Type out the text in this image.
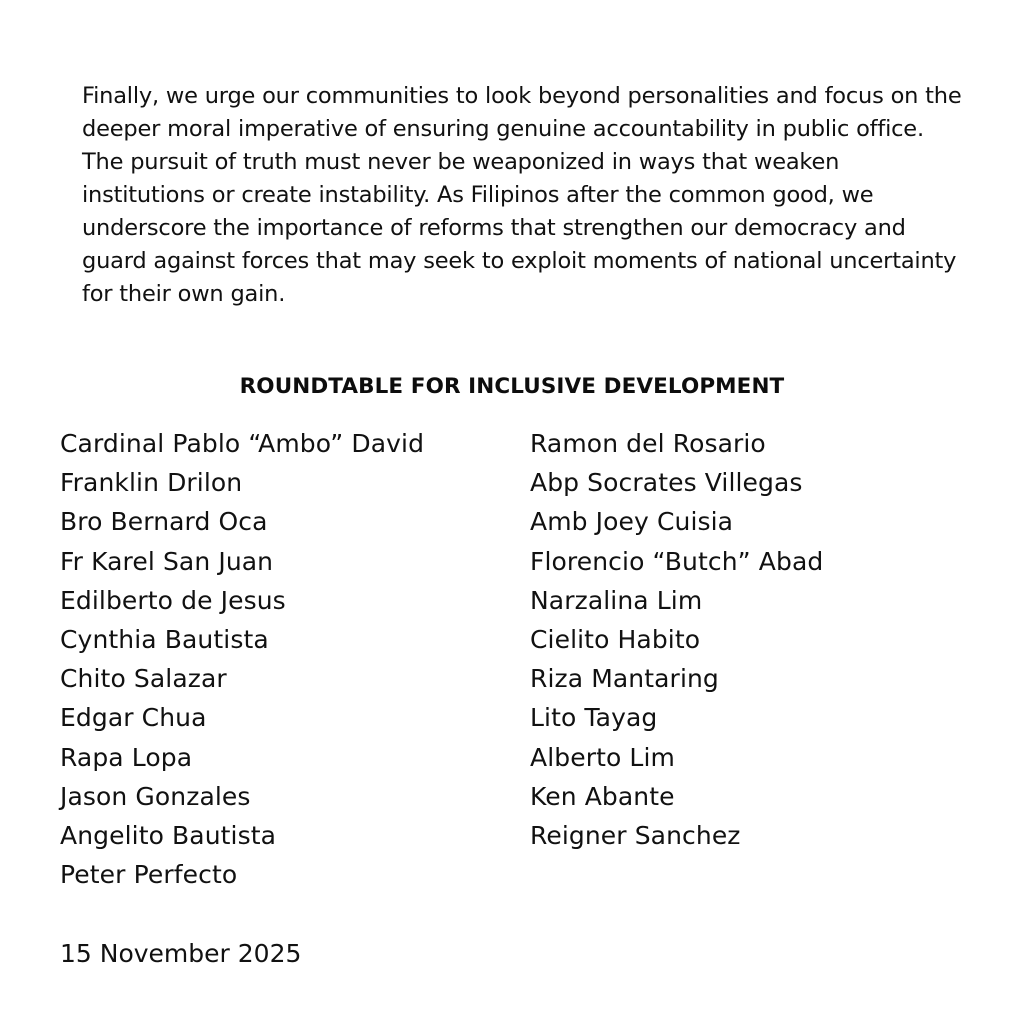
Finally, we urge our communities to look beyond personalities and focus on the deeper moral imperative of ensuring genuine accountability in public office. The pursuit of truth must never be weaponized in ways that weaken institutions or create instability. As Filipinos after the common good, we underscore the importance of reforms that strengthen our democracy and guard against forces that may seek to exploit moments of national uncertainty for their own gain.

ROUNDTABLE FOR INCLUSIVE DEVELOPMENT
Cardinal Pablo “Ambo” David
Franklin Drilon
Bro Bernard Oca
Fr Karel San Juan
Edilberto de Jesus
Cynthia Bautista
Chito Salazar
Edgar Chua
Rapa Lopa
Jason Gonzales
Angelito Bautista
Peter Perfecto
Ramon del Rosario
Abp Socrates Villegas
Amb Joey Cuisia
Florencio “Butch” Abad
Narzalina Lim
Cielito Habito
Riza Mantaring
Lito Tayag
Alberto Lim
Ken Abante
Reigner Sanchez

15 November 2025
